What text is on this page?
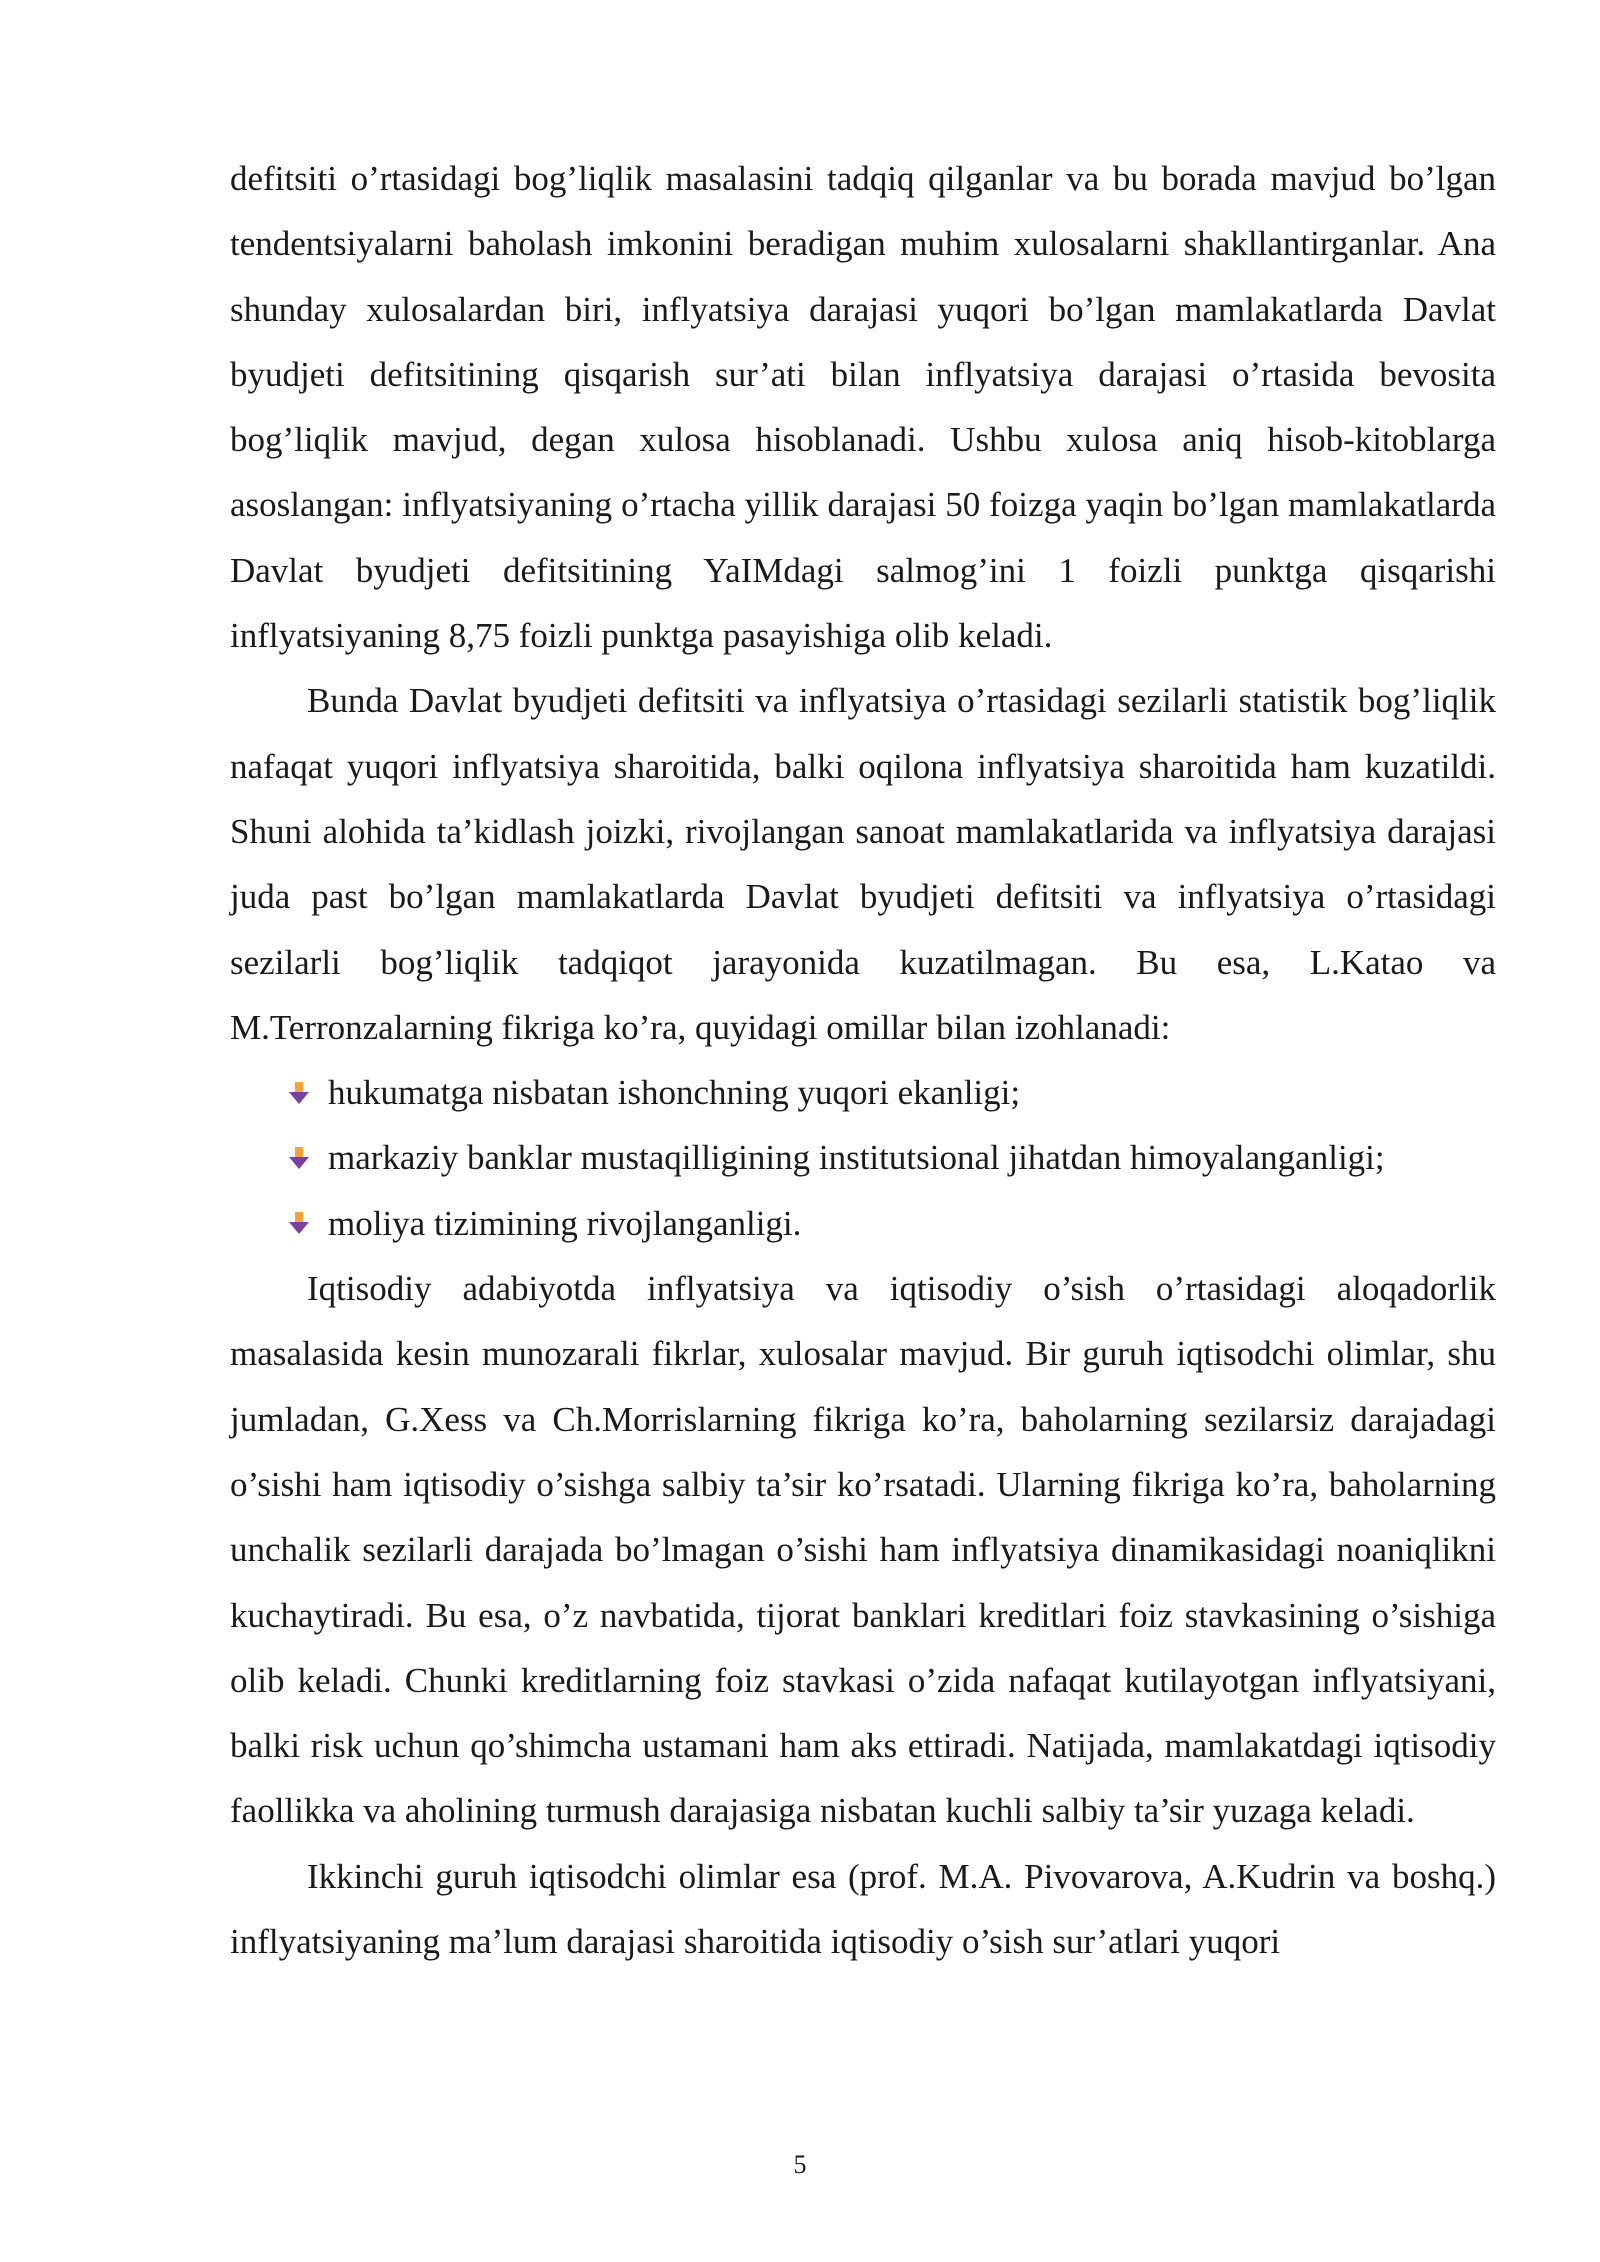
defitsiti o’rtasidagi bog’liqlik masalasini tadqiq qilganlar va bu borada mavjud bo’lgan tendentsiyalarni baholash imkonini beradigan muhim xulosalarni shakllantirganlar. Ana shunday xulosalardan biri, inflyatsiya darajasi yuqori bo’lgan mamlakatlarda Davlat byudjeti defitsitining qisqarish sur’ati bilan inflyatsiya darajasi o’rtasida bevosita bog’liqlik mavjud, degan xulosa hisoblanadi. Ushbu xulosa aniq hisob-kitoblarga asoslangan: inflyatsiyaning o’rtacha yillik darajasi 50 foizga yaqin bo’lgan mamlakatlarda Davlat byudjeti defitsitining YaIMdagi salmog’ini 1 foizli punktga qisqarishi inflyatsiyaning 8,75 foizli punktga pasayishiga olib keladi.

Bunda Davlat byudjeti defitsiti va inflyatsiya o’rtasidagi sezilarli statistik bog’liqlik nafaqat yuqori inflyatsiya sharoitida, balki oqilona inflyatsiya sharoitida ham kuzatildi. Shuni alohida ta’kidlash joizki, rivojlangan sanoat mamlakatlarida va inflyatsiya darajasi juda past bo’lgan mamlakatlarda Davlat byudjeti defitsiti va inflyatsiya o’rtasidagi sezilarli bog’liqlik tadqiqot jarayonida kuzatilmagan. Bu esa, L.Katao va M.Terronzalarning fikriga ko’ra, quyidagi omillar bilan izohlanadi:

hukumatga nisbatan ishonchning yuqori ekanligi;
markaziy banklar mustaqilligining institutsional jihatdan himoyalanganligi;
moliya tizimining rivojlanganligi.

Iqtisodiy adabiyotda inflyatsiya va iqtisodiy o’sish o’rtasidagi aloqadorlik masalasida kesin munozarali fikrlar, xulosalar mavjud. Bir guruh iqtisodchi olimlar, shu jumladan, G.Xess va Ch.Morrislarning fikriga ko’ra, baholarning sezilarsiz darajadagi o’sishi ham iqtisodiy o’sishga salbiy ta’sir ko’rsatadi. Ularning fikriga ko’ra, baholarning unchalik sezilarli darajada bo’lmagan o’sishi ham inflyatsiya dinamikasidagi noaniqlikni kuchaytiradi. Bu esa, o’z navbatida, tijorat banklari kreditlari foiz stavkasining o’sishiga olib keladi. Chunki kreditlarning foiz stavkasi o’zida nafaqat kutilayotgan inflyatsiyani, balki risk uchun qo’shimcha ustamani ham aks ettiradi. Natijada, mamlakatdagi iqtisodiy faollikka va aholining turmush darajasiga nisbatan kuchli salbiy ta’sir yuzaga keladi.

Ikkinchi guruh iqtisodchi olimlar esa (prof. M.A. Pivovarova, A.Kudrin va boshq.) inflyatsiyaning ma’lum darajasi sharoitida iqtisodiy o’sish sur’atlari yuqori

5
